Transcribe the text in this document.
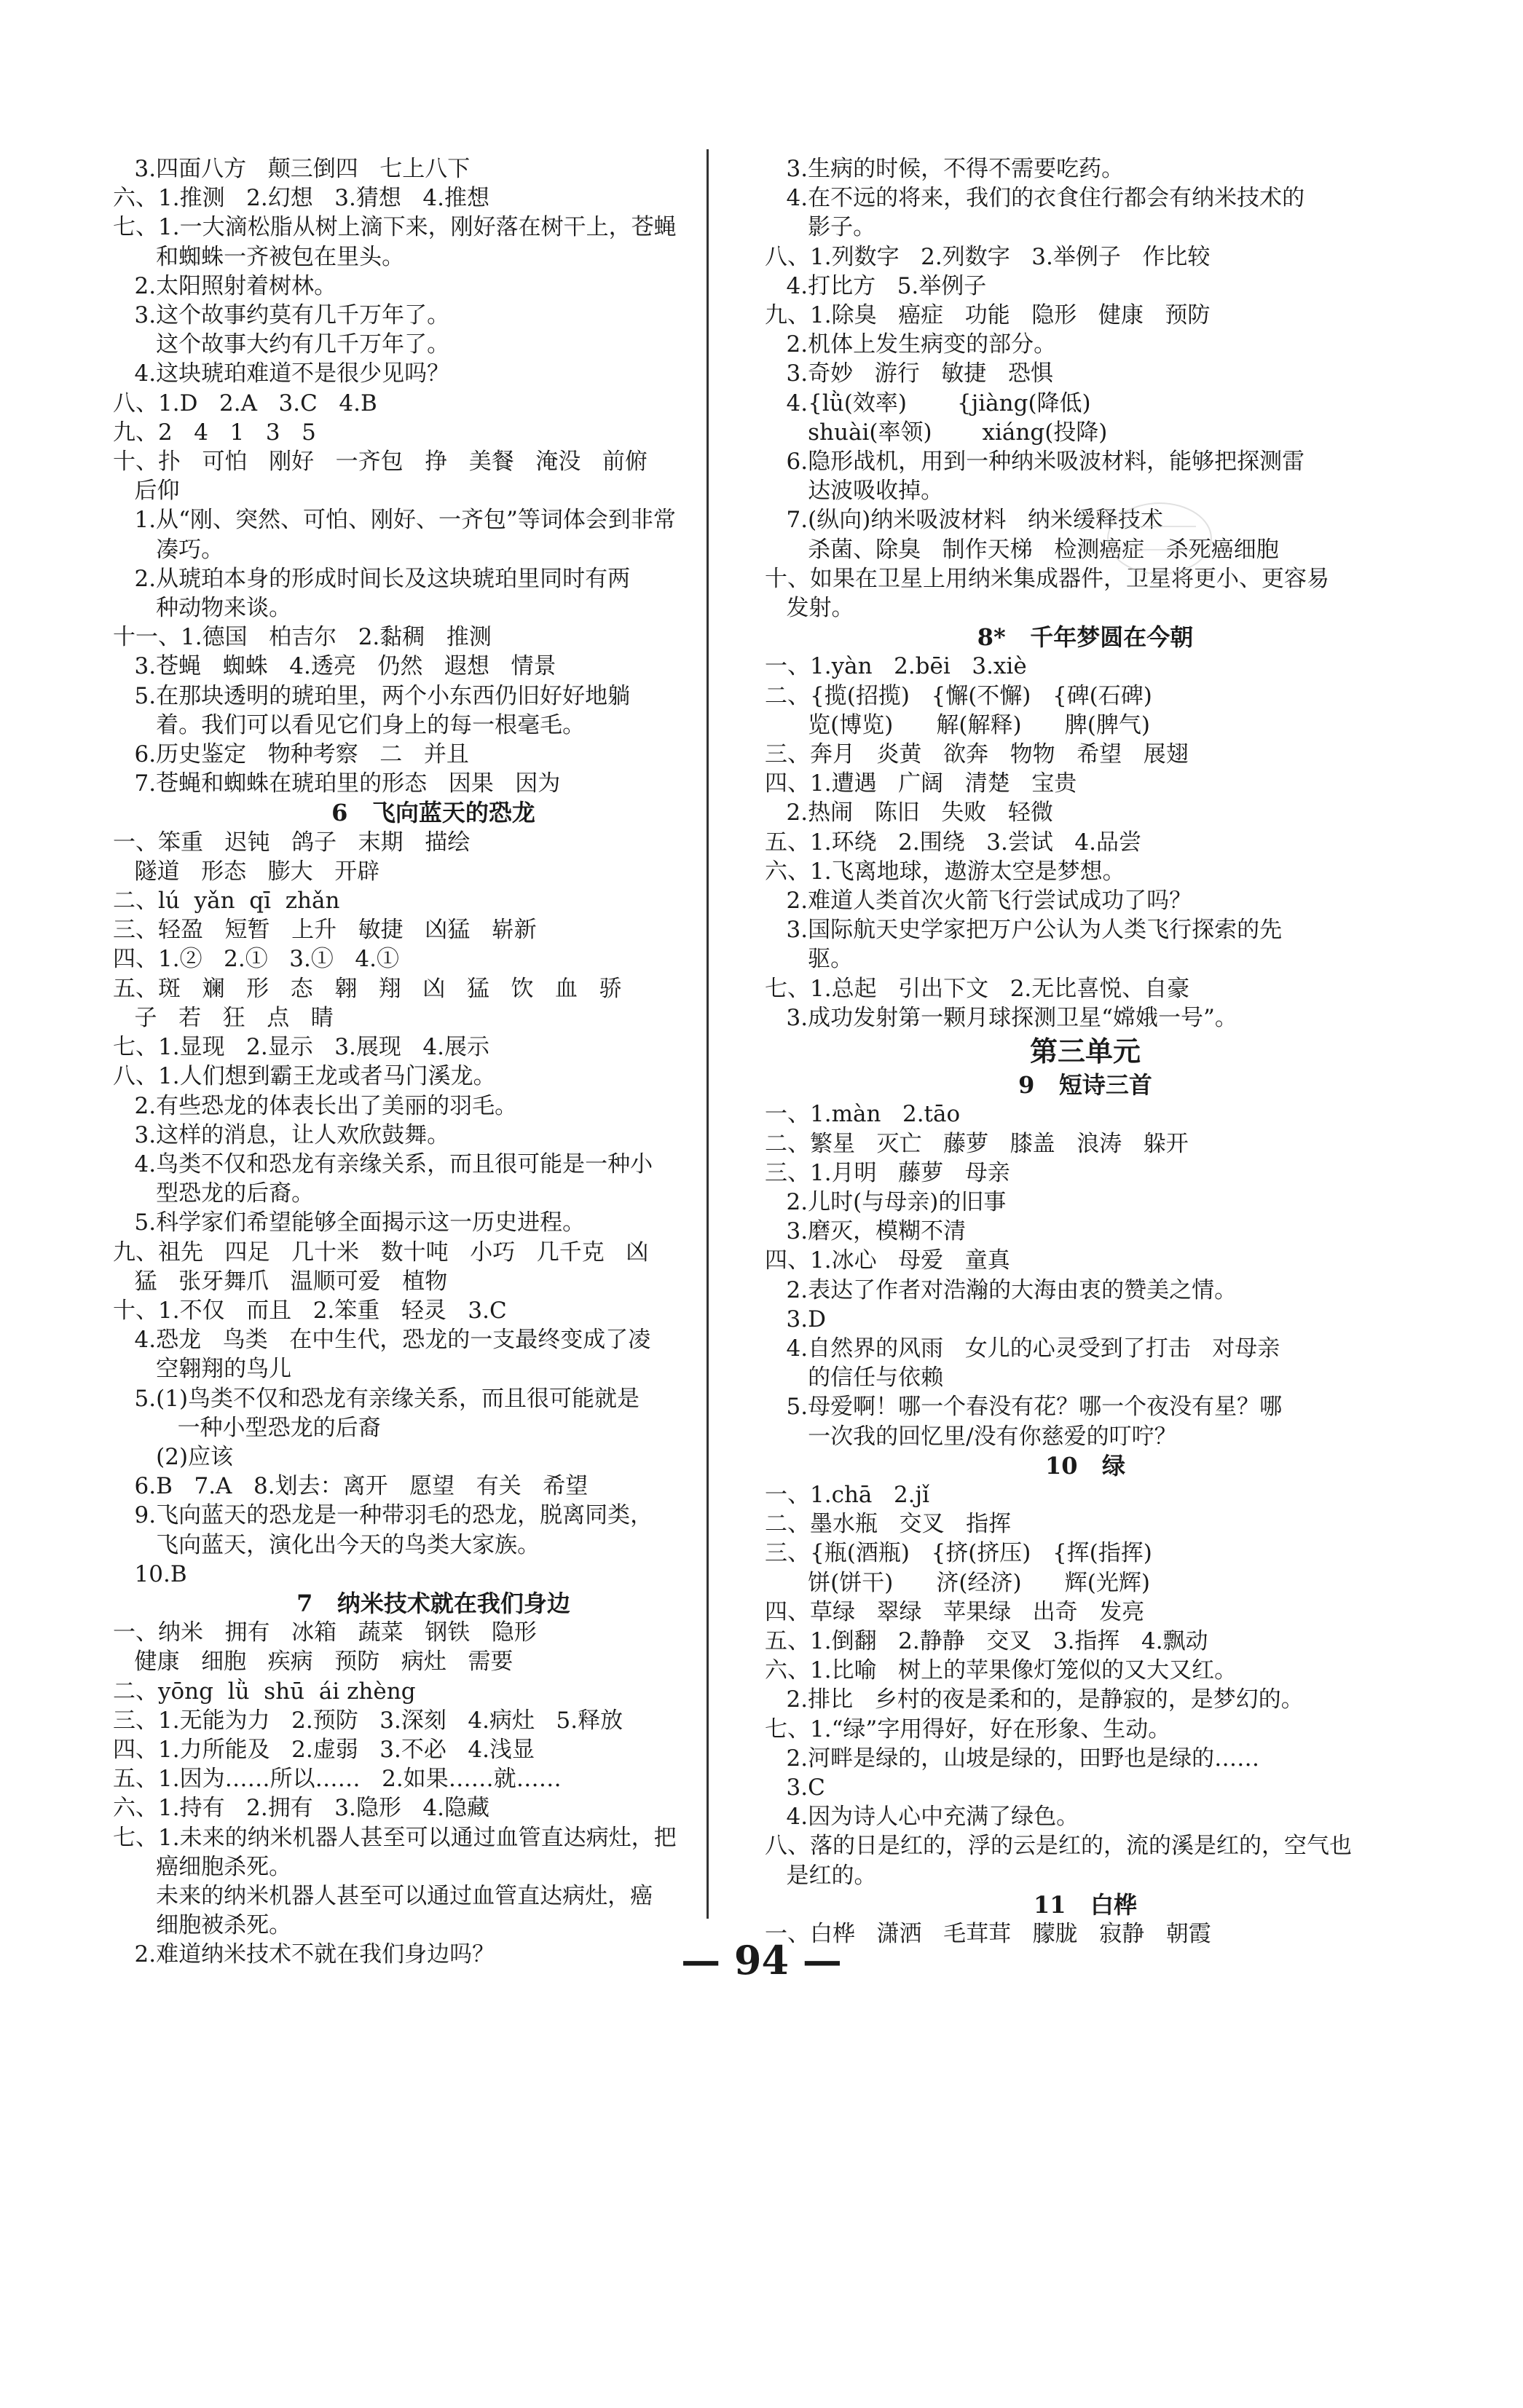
3.四面八方   颠三倒四   七上八下

六、1.推测   2.幻想   3.猜想   4.推想

七、1.一大滴松脂从树上滴下来，刚好落在树干上，苍蝇

和蜘蛛一齐被包在里头。

2.太阳照射着树林。

3.这个故事约莫有几千万年了。

这个故事大约有几千万年了。

4.这块琥珀难道不是很少见吗？

八、1.D   2.A   3.C   4.B

九、2   4   1   3   5

十、扑   可怕   刚好   一齐包   挣   美餐   淹没   前俯

后仰

1.从“刚、突然、可怕、刚好、一齐包”等词体会到非常

凑巧。

2.从琥珀本身的形成时间长及这块琥珀里同时有两

种动物来谈。

十一、1.德国   柏吉尔   2.黏稠   推测

3.苍蝇   蜘蛛   4.透亮   仍然   遐想   情景

5.在那块透明的琥珀里，两个小东西仍旧好好地躺

着。我们可以看见它们身上的每一根毫毛。

6.历史鉴定   物种考察   二   并且

7.苍蝇和蜘蛛在琥珀里的形态   因果   因为

6   飞向蓝天的恐龙

一、笨重   迟钝   鸽子   末期   描绘

隧道   形态   膨大   开辟

二、lú  yǎn  qī  zhǎn

三、轻盈   短暂   上升   敏捷   凶猛   崭新

四、1.②   2.①   3.①   4.①

五、斑   斓   形   态   翱   翔   凶   猛   饮   血   骄

子   若   狂   点   睛

七、1.显现   2.显示   3.展现   4.展示

八、1.人们想到霸王龙或者马门溪龙。

2.有些恐龙的体表长出了美丽的羽毛。

3.这样的消息，让人欢欣鼓舞。

4.鸟类不仅和恐龙有亲缘关系，而且很可能是一种小

型恐龙的后裔。

5.科学家们希望能够全面揭示这一历史进程。

九、祖先   四足   几十米   数十吨   小巧   几千克   凶

猛   张牙舞爪   温顺可爱   植物

十、1.不仅   而且   2.笨重   轻灵   3.C

4.恐龙   鸟类   在中生代，恐龙的一支最终变成了凌

空翱翔的鸟儿

5.(1)鸟类不仅和恐龙有亲缘关系，而且很可能就是

一种小型恐龙的后裔

(2)应该

6.B   7.A   8.划去：离开   愿望   有关   希望

9.飞向蓝天的恐龙是一种带羽毛的恐龙，脱离同类，

飞向蓝天，演化出今天的鸟类大家族。

10.B

7   纳米技术就在我们身边

一、纳米   拥有   冰箱   蔬菜   钢铁   隐形

健康   细胞   疾病   预防   病灶   需要

二、yōng  lǜ  shū  ái zhèng

三、1.无能为力   2.预防   3.深刻   4.病灶   5.释放

四、1.力所能及   2.虚弱   3.不必   4.浅显

五、1.因为……所以……   2.如果……就……

六、1.持有   2.拥有   3.隐形   4.隐藏

七、1.未来的纳米机器人甚至可以通过血管直达病灶，把

癌细胞杀死。

未来的纳米机器人甚至可以通过血管直达病灶，癌

细胞被杀死。

2.难道纳米技术不就在我们身边吗？

3.生病的时候，不得不需要吃药。

4.在不远的将来，我们的衣食住行都会有纳米技术的

影子。

八、1.列数字   2.列数字   3.举例子   作比较

4.打比方   5.举例子

九、1.除臭   癌症   功能   隐形   健康   预防

2.机体上发生病变的部分。

3.奇妙   游行   敏捷   恐惧

4.{lǜ(效率)       {jiàng(降低)

shuài(率领)       xiáng(投降)

6.隐形战机，用到一种纳米吸波材料，能够把探测雷

达波吸收掉。

7.(纵向)纳米吸波材料   纳米缓释技术

杀菌、除臭   制作天梯   检测癌症   杀死癌细胞

十、如果在卫星上用纳米集成器件，卫星将更小、更容易

发射。

8*   千年梦圆在今朝

一、1.yàn   2.bēi   3.xiè

二、{揽(招揽)   {懈(不懈)   {碑(石碑)

览(博览)      解(解释)      脾(脾气)

三、奔月   炎黄   欲奔   物物   希望   展翅

四、1.遭遇   广阔   清楚   宝贵

2.热闹   陈旧   失败   轻微

五、1.环绕   2.围绕   3.尝试   4.品尝

六、1.飞离地球，遨游太空是梦想。

2.难道人类首次火箭飞行尝试成功了吗？

3.国际航天史学家把万户公认为人类飞行探索的先

驱。

七、1.总起   引出下文   2.无比喜悦、自豪

3.成功发射第一颗月球探测卫星“嫦娥一号”。

第三单元

9   短诗三首

一、1.màn   2.tāo

二、繁星   灭亡   藤萝   膝盖   浪涛   躲开

三、1.月明   藤萝   母亲

2.儿时(与母亲)的旧事

3.磨灭，模糊不清

四、1.冰心   母爱   童真

2.表达了作者对浩瀚的大海由衷的赞美之情。

3.D

4.自然界的风雨   女儿的心灵受到了打击   对母亲

的信任与依赖

5.母爱啊！哪一个春没有花？哪一个夜没有星？哪

一次我的回忆里/没有你慈爱的叮咛？

10   绿

一、1.chā   2.jǐ

二、墨水瓶   交叉   指挥

三、{瓶(酒瓶)   {挤(挤压)   {挥(指挥)

饼(饼干)      济(经济)      辉(光辉)

四、草绿   翠绿   苹果绿   出奇   发亮

五、1.倒翻   2.静静   交叉   3.指挥   4.飘动

六、1.比喻   树上的苹果像灯笼似的又大又红。

2.排比   乡村的夜是柔和的，是静寂的，是梦幻的。

七、1.“绿”字用得好，好在形象、生动。

2.河畔是绿的，山坡是绿的，田野也是绿的……

3.C

4.因为诗人心中充满了绿色。

八、落的日是红的，浮的云是红的，流的溪是红的，空气也

是红的。

11   白桦

一、白桦   潇洒   毛茸茸   朦胧   寂静   朝霞

— 94 —
